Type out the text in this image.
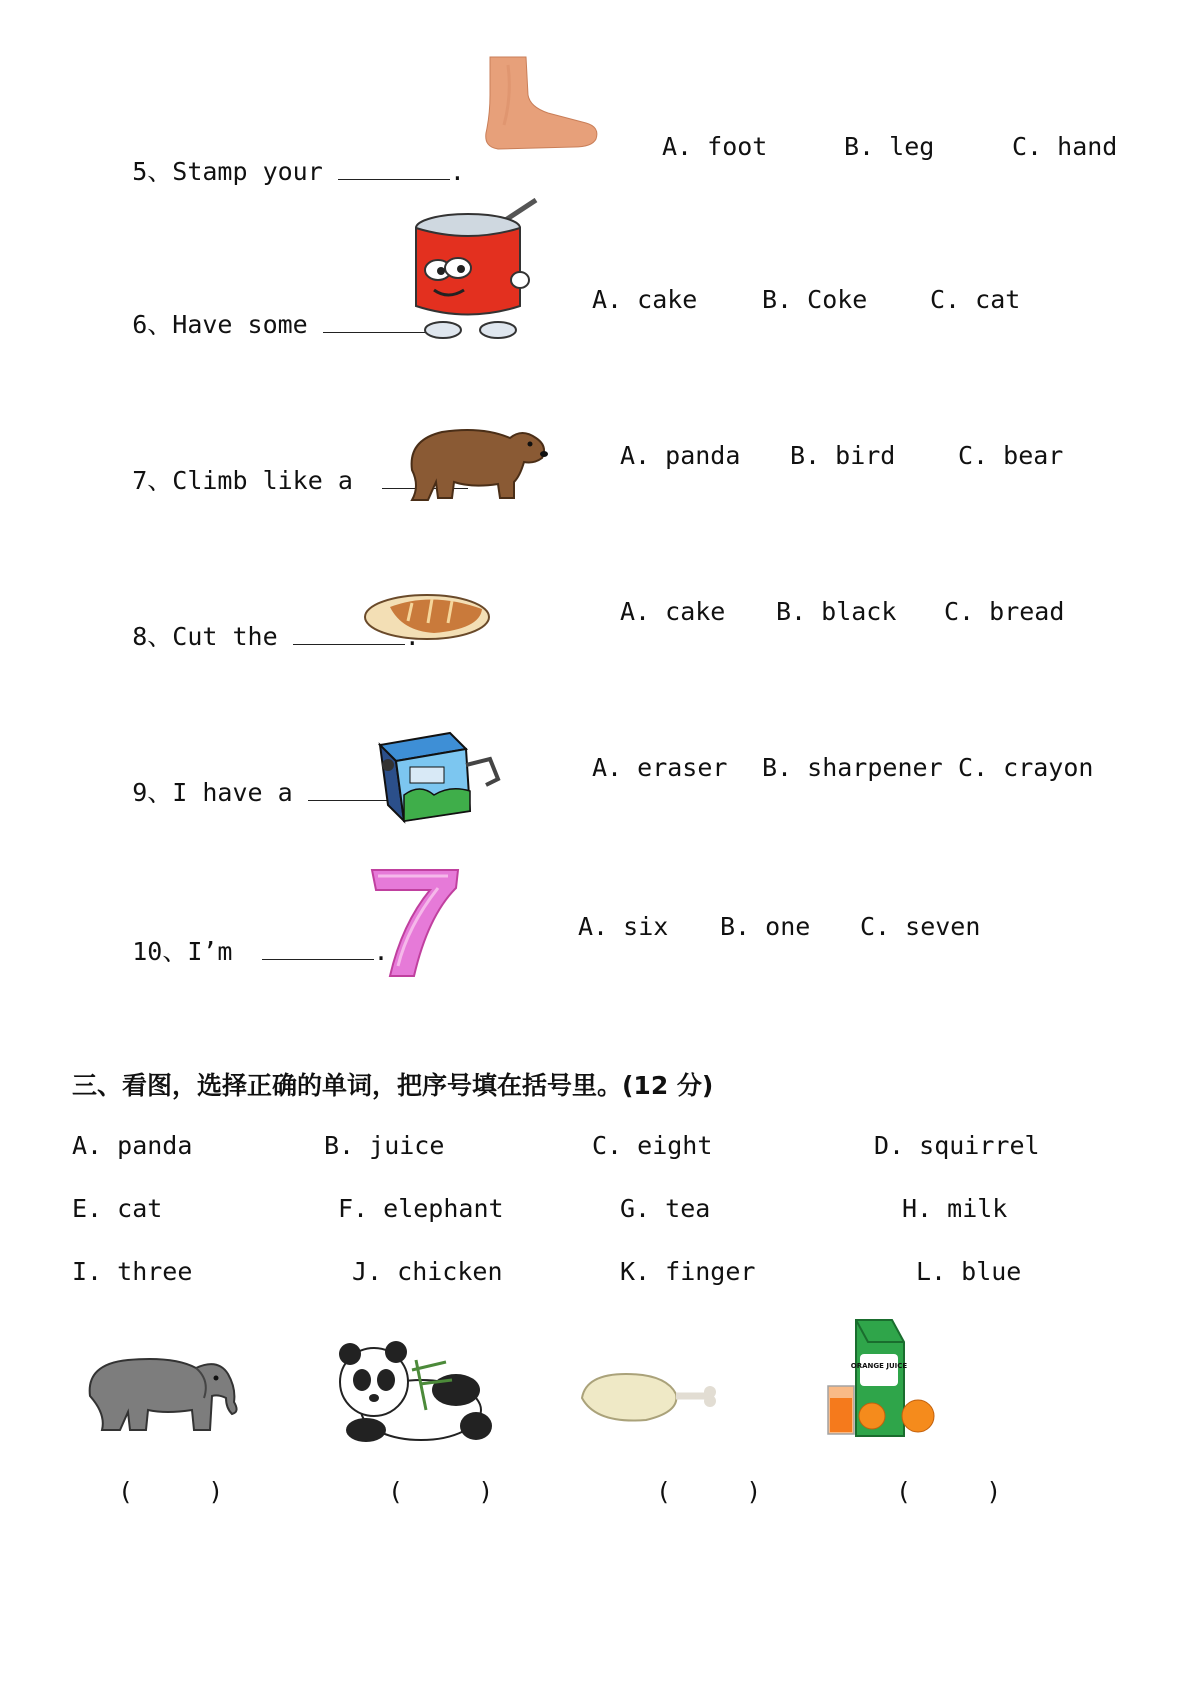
5、Stamp your	.

A. foot	B. leg	C. hand

6、Have some

A. cake	B. Coke	C. cat

7、Climb like a

A. panda B. bird	C. bear

8、Cut the

A. cake B. black C. bread

9、I have a

A. eraser B. sharpener C. crayon

10、I’m	.

A. six B. one C. seven
三、看图，选择正确的单词，把序号填在括号里。(12 分)
A. panda	B. juice	C. eight	D. squirrel
E. cat	F. elephant	G. tea	H. milk
I. three	J. chicken	K. finger	L. blue
ORANGE JUICE
(     )	(     )	(     )	(     )
